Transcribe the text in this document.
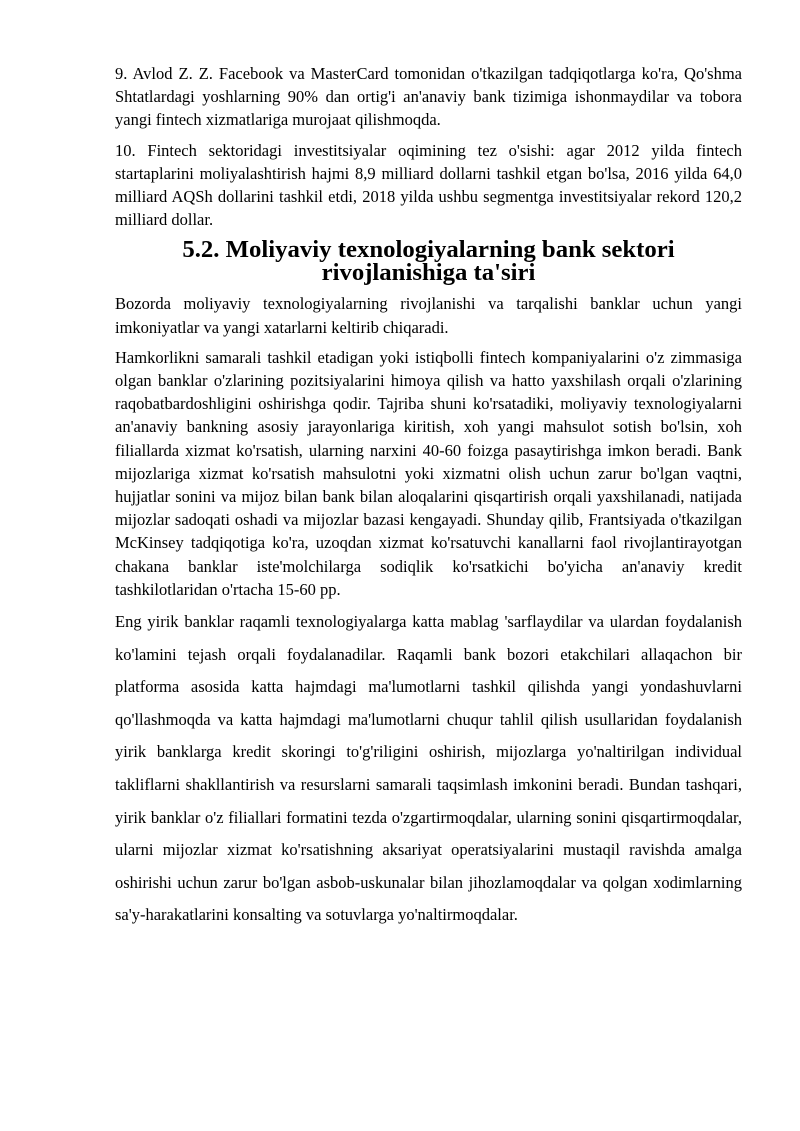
9. Avlod Z. Z. Facebook va MasterCard tomonidan o'tkazilgan tadqiqotlarga ko'ra, Qo'shma Shtatlardagi yoshlarning 90% dan ortig'i an'anaviy bank tizimiga ishonmaydilar va tobora yangi fintech xizmatlariga murojaat qilishmoqda.

10. Fintech sektoridagi investitsiyalar oqimining tez o'sishi: agar 2012 yilda fintech startaplarini moliyalashtirish hajmi 8,9 milliard dollarni tashkil etgan bo'lsa, 2016 yilda 64,0 milliard AQSh dollarini tashkil etdi, 2018 yilda ushbu segmentga investitsiyalar rekord 120,2 milliard dollar.

5.2. Moliyaviy texnologiyalarning bank sektori rivojlanishiga ta'siri

Bozorda moliyaviy texnologiyalarning rivojlanishi va tarqalishi banklar uchun yangi imkoniyatlar va yangi xatarlarni keltirib chiqaradi.

Hamkorlikni samarali tashkil etadigan yoki istiqbolli fintech kompaniyalarini o'z zimmasiga olgan banklar o'zlarining pozitsiyalarini himoya qilish va hatto yaxshilash orqali o'zlarining raqobatbardoshligini oshirishga qodir. Tajriba shuni ko'rsatadiki, moliyaviy texnologiyalarni an'anaviy bankning asosiy jarayonlariga kiritish, xoh yangi mahsulot sotish bo'lsin, xoh filiallarda xizmat ko'rsatish, ularning narxini 40-60 foizga pasaytirishga imkon beradi. Bank mijozlariga xizmat ko'rsatish mahsulotni yoki xizmatni olish uchun zarur bo'lgan vaqtni, hujjatlar sonini va mijoz bilan bank bilan aloqalarini qisqartirish orqali yaxshilanadi, natijada mijozlar sadoqati oshadi va mijozlar bazasi kengayadi. Shunday qilib, Frantsiyada o'tkazilgan McKinsey tadqiqotiga ko'ra, uzoqdan xizmat ko'rsatuvchi kanallarni faol rivojlantirayotgan chakana banklar iste'molchilarga sodiqlik ko'rsatkichi bo'yicha an'anaviy kredit tashkilotlaridan o'rtacha 15-60 pp.

Eng yirik banklar raqamli texnologiyalarga katta mablag 'sarflaydilar va ulardan foydalanish ko'lamini tejash orqali foydalanadilar. Raqamli bank bozori etakchilari allaqachon bir platforma asosida katta hajmdagi ma'lumotlarni tashkil qilishda yangi yondashuvlarni qo'llashmoqda va katta hajmdagi ma'lumotlarni chuqur tahlil qilish usullaridan foydalanish yirik banklarga kredit skoringi to'g'riligini oshirish, mijozlarga yo'naltirilgan individual takliflarni shakllantirish va resurslarni samarali taqsimlash imkonini beradi. Bundan tashqari, yirik banklar o'z filiallari formatini tezda o'zgartirmoqdalar, ularning sonini qisqartirmoqdalar, ularni mijozlar xizmat ko'rsatishning aksariyat operatsiyalarini mustaqil ravishda amalga oshirishi uchun zarur bo'lgan asbob-uskunalar bilan jihozlamoqdalar va qolgan xodimlarning sa'y-harakatlarini konsalting va sotuvlarga yo'naltirmoqdalar.
